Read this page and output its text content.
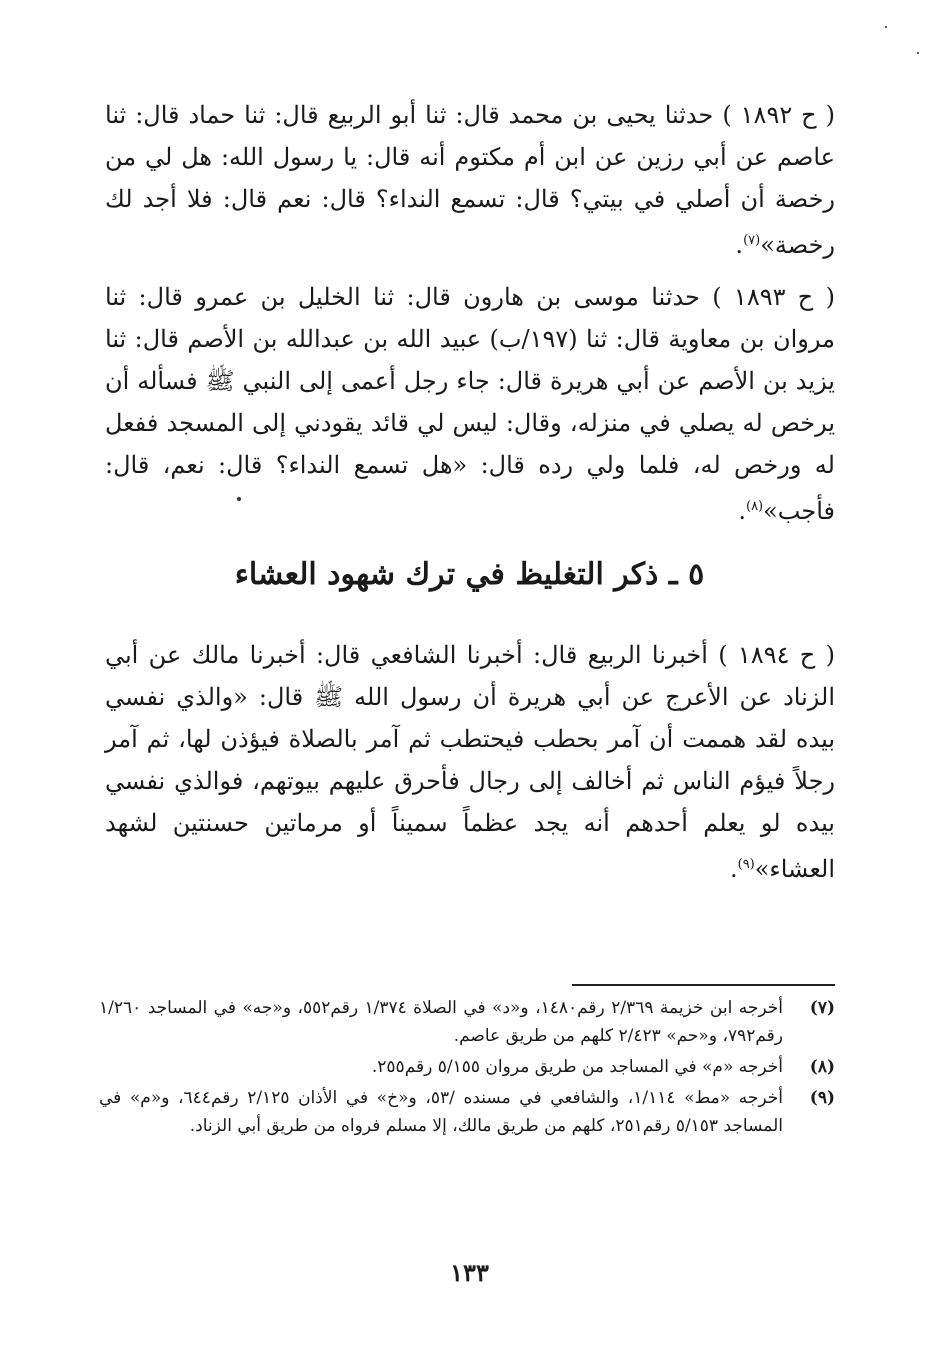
( ح ١٨٩٢ ) حدثنا يحيى بن محمد قال: ثنا أبو الربيع قال: ثنا حماد قال: ثنا عاصم عن أبي رزين عن ابن أم مكتوم أنه قال: يا رسول الله: هل لي من رخصة أن أصلي في بيتي؟ قال: تسمع النداء؟ قال: نعم قال: فلا أجد لك رخصة»$^{(٧)}$.

( ح ١٨٩٣ ) حدثنا موسى بن هارون قال: ثنا الخليل بن عمرو قال: ثنا مروان بن معاوية قال: ثنا (١٩٧/ب) عبيد الله بن عبدالله بن الأصم قال: ثنا يزيد بن الأصم عن أبي هريرة قال: جاء رجل أعمى إلى النبي ﷺ فسأله أن يرخص له يصلي في منزله، وقال: ليس لي قائد يقودني إلى المسجد ففعل له ورخص له، فلما ولي رده قال: «هل تسمع النداء؟ قال: نعم، قال: فأجب»$^{(٨)}$.

٥ ـ ذكر التغليظ في ترك شهود العشاء

( ح ١٨٩٤ ) أخبرنا الربيع قال: أخبرنا الشافعي قال: أخبرنا مالك عن أبي الزناد عن الأعرج عن أبي هريرة أن رسول الله ﷺ قال: «والذي نفسي بيده لقد هممت أن آمر بحطب فيحتطب ثم آمر بالصلاة فيؤذن لها، ثم آمر رجلاً فيؤم الناس ثم أخالف إلى رجال فأحرق عليهم بيوتهم، فوالذي نفسي بيده لو يعلم أحدهم أنه يجد عظماً سميناً أو مرماتين حسنتين لشهد العشاء»$^{(٩)}$.

(٧)
أخرجه ابن خزيمة ٢/٣٦٩ رقم١٤٨٠، و«د» في الصلاة ١/٣٧٤ رقم٥٥٢، و«جه» في المساجد ١/٢٦٠ رقم٧٩٢، و«حم» ٢/٤٢٣ كلهم من طريق عاصم.
(٨)
أخرجه «م» في المساجد من طريق مروان ٥/١٥٥ رقم٢٥٥.
(٩)
أخرجه «مط» ١/١١٤، والشافعي في مسنده /٥٣، و«خ» في الأذان ٢/١٢٥ رقم٦٤٤، و«م» في المساجد ٥/١٥٣ رقم٢٥١، كلهم من طريق مالك، إلا مسلم فرواه من طريق أبي الزناد.
١٣٣
